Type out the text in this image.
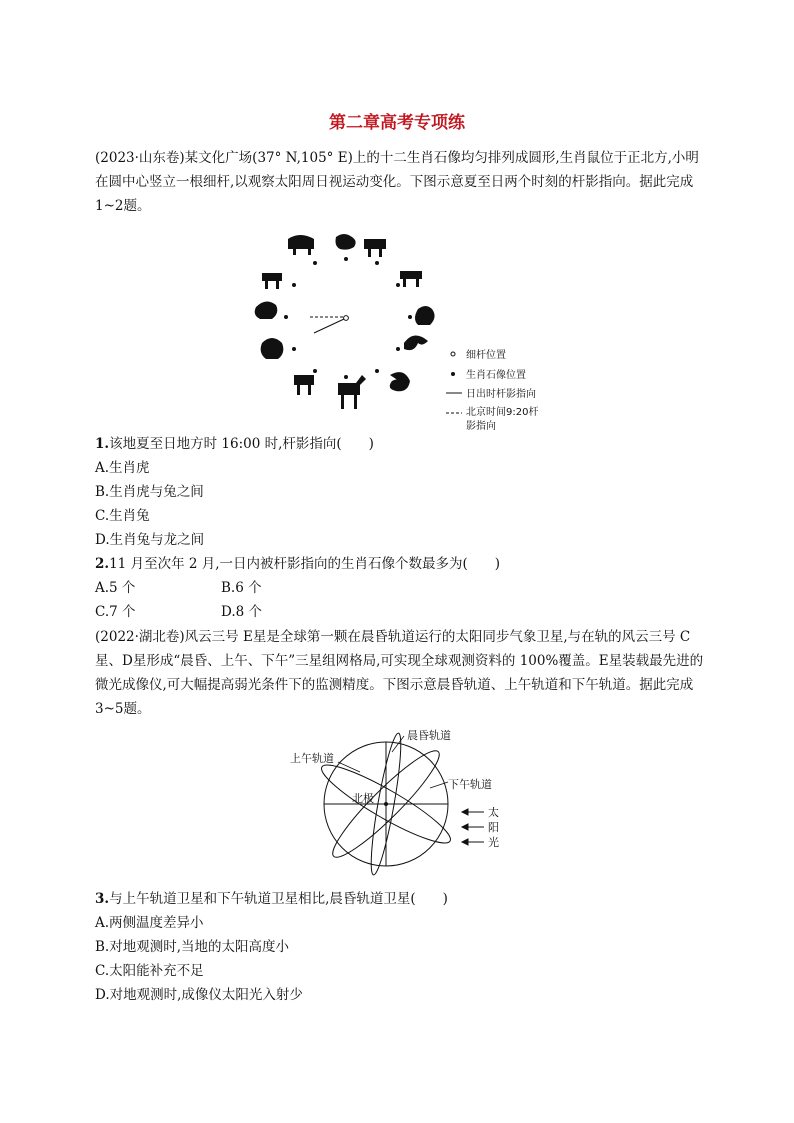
第二章高考专项练

(2023·山东卷)某文化广场(37° N,105° E)上的十二生肖石像均匀排列成圆形,生肖鼠位于正北方,小明在圆中心竖立一根细杆,以观察太阳周日视运动变化。下图示意夏至日两个时刻的杆影指向。据此完成 1~2题。

细杆位置
生肖石像位置
日出时杆影指向
北京时间9:20杆
影指向
1.该地夏至日地方时 16:00 时,杆影指向(　　)
A.生肖虎
B.生肖虎与兔之间
C.生肖兔
D.生肖兔与龙之间
2.11 月至次年 2 月,一日内被杆影指向的生肖石像个数最多为(　　)
A.5 个	B.6 个
C.7 个	D.8 个

(2022·湖北卷)风云三号 E星是全球第一颗在晨昏轨道运行的太阳同步气象卫星,与在轨的风云三号 C星、D星形成“晨昏、上午、下午”三星组网格局,可实现全球观测资料的 100%覆盖。E星装载最先进的微光成像仪,可大幅提高弱光条件下的监测精度。下图示意晨昏轨道、上午轨道和下午轨道。据此完成 3~5题。

晨昏轨道
上午轨道
下午轨道
北极
太
阳
光
3.与上午轨道卫星和下午轨道卫星相比,晨昏轨道卫星(　　)
A.两侧温度差异小
B.对地观测时,当地的太阳高度小
C.太阳能补充不足
D.对地观测时,成像仪太阳光入射少
